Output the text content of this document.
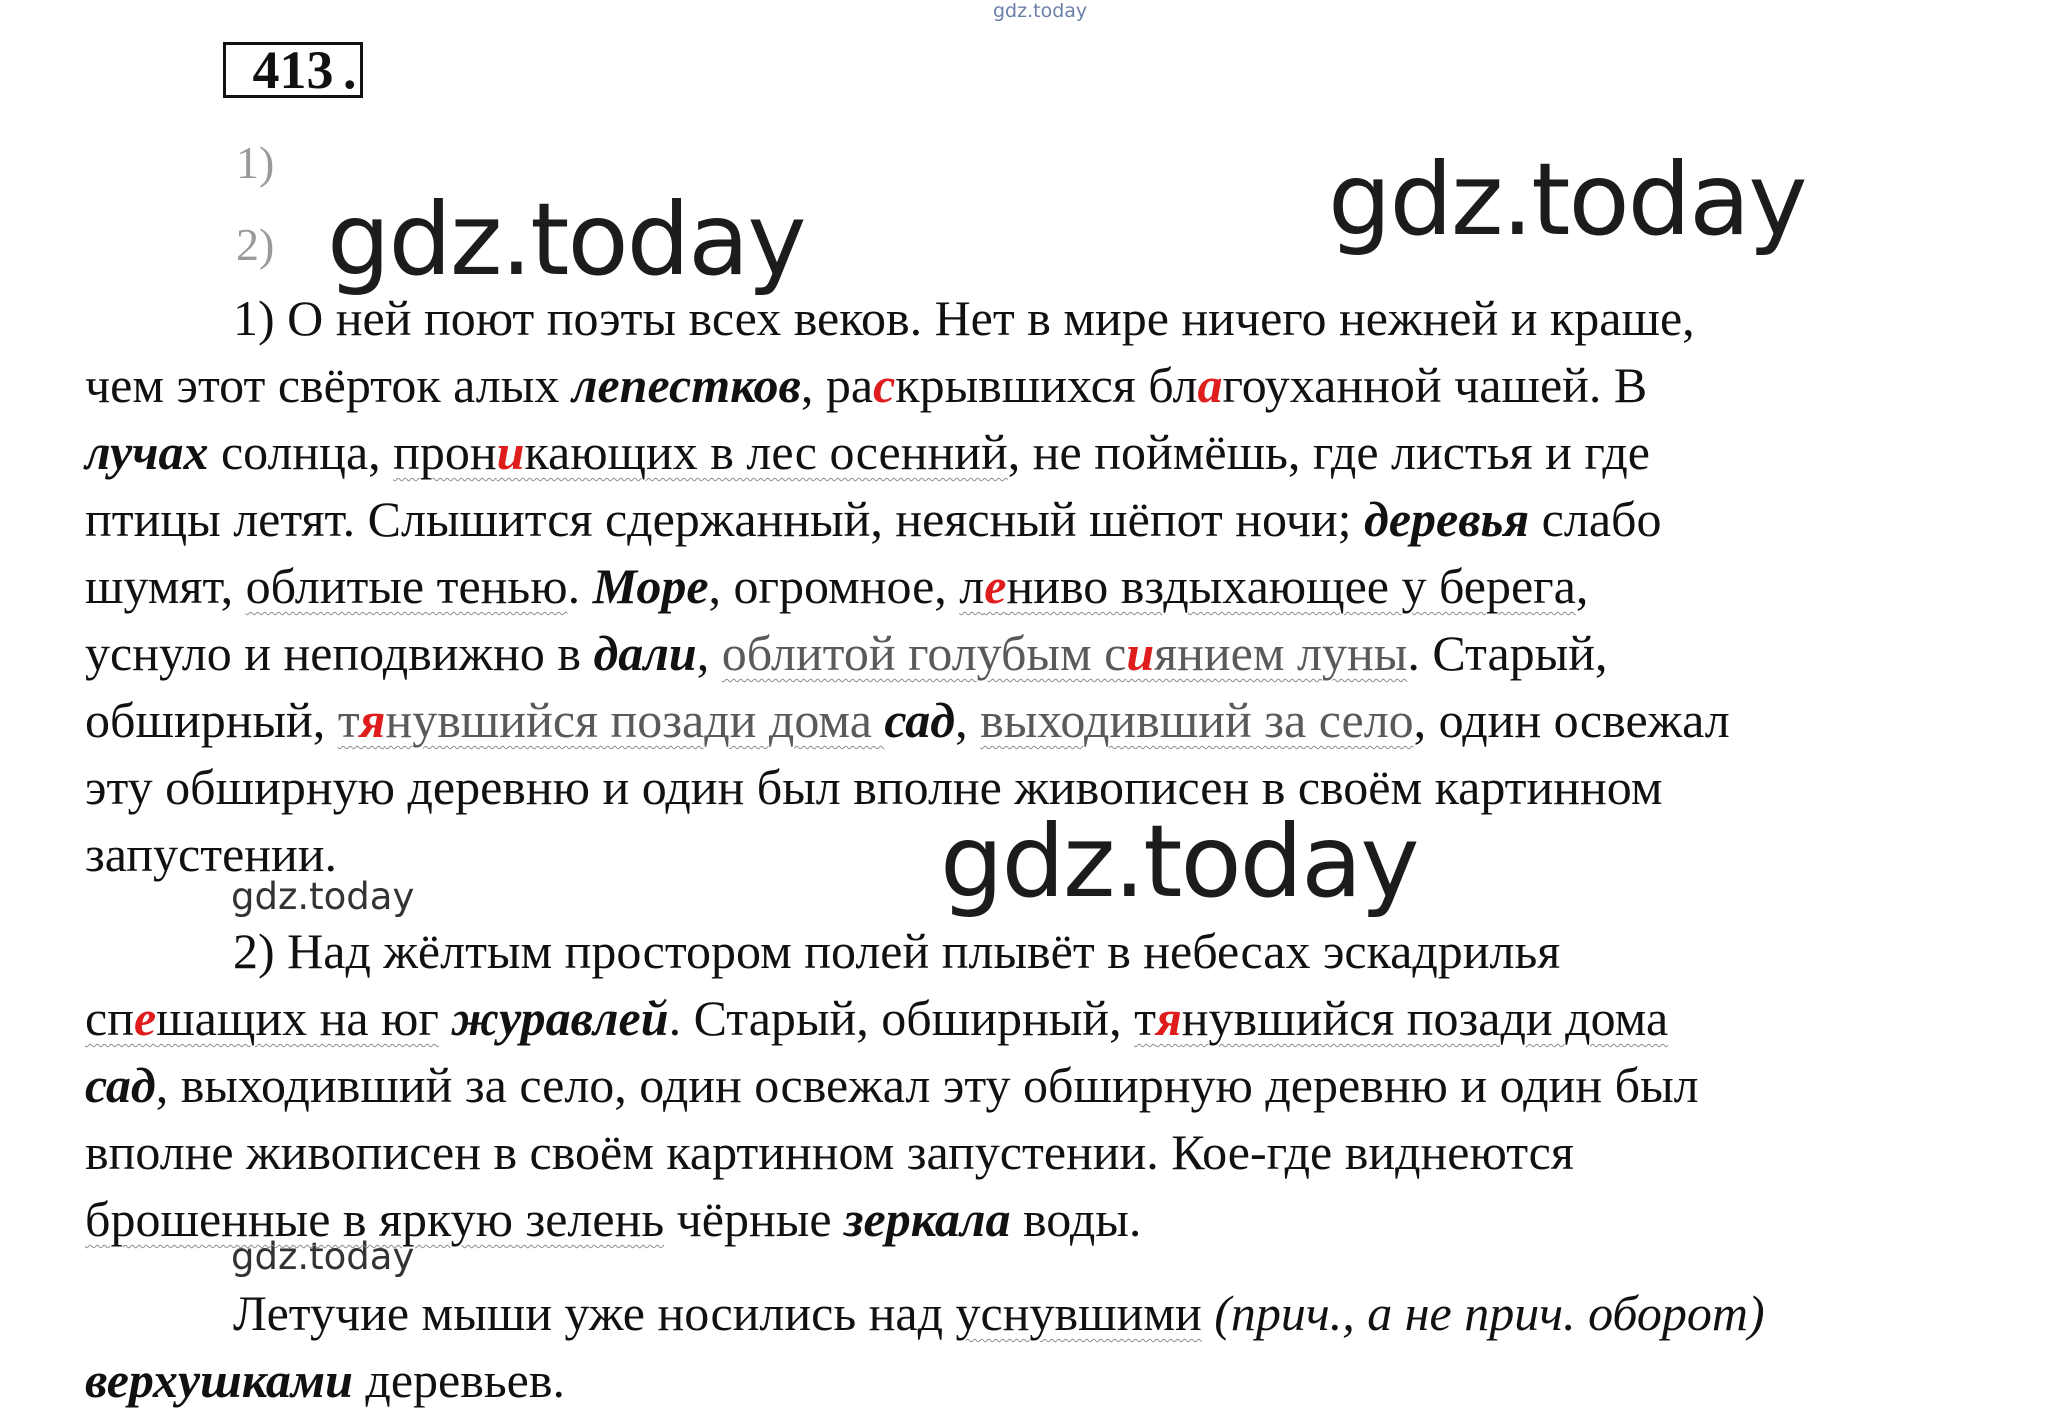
gdz.today
gdz.today	gdz.today
gdz.today
gdz.today
gdz.today
413 .
1)
2)
1) О ней поют поэты всех веков. Нет в мире ничего нежней и краше,
чем этот свёрток алых лепестков, раскрывшихся благоуханной чашей. В
лучах солнца, проникающих в лес осенний, не поймёшь, где листья и где
птицы летят. Слышится сдержанный, неясный шёпот ночи; деревья слабо
шумят, облитые тенью. Море, огромное, лениво вздыхающее у берега,
уснуло и неподвижно в дали, облитой голубым сиянием луны. Старый,
обширный, тянувшийся позади дома сад, выходивший за село, один освежал
эту обширную деревню и один был вполне живописен в своём картинном
запустении.
2) Над жёлтым простором полей плывёт в небесах эскадрилья
спешащих на юг журавлей. Старый, обширный, тянувшийся позади дома
сад, выходивший за село, один освежал эту обширную деревню и один был
вполне живописен в своём картинном запустении. Кое-где виднеются
брошенные в яркую зелень чёрные зеркала воды.
Летучие мыши уже носились над уснувшими (прич., а не прич. оборот)
верхушками деревьев.
